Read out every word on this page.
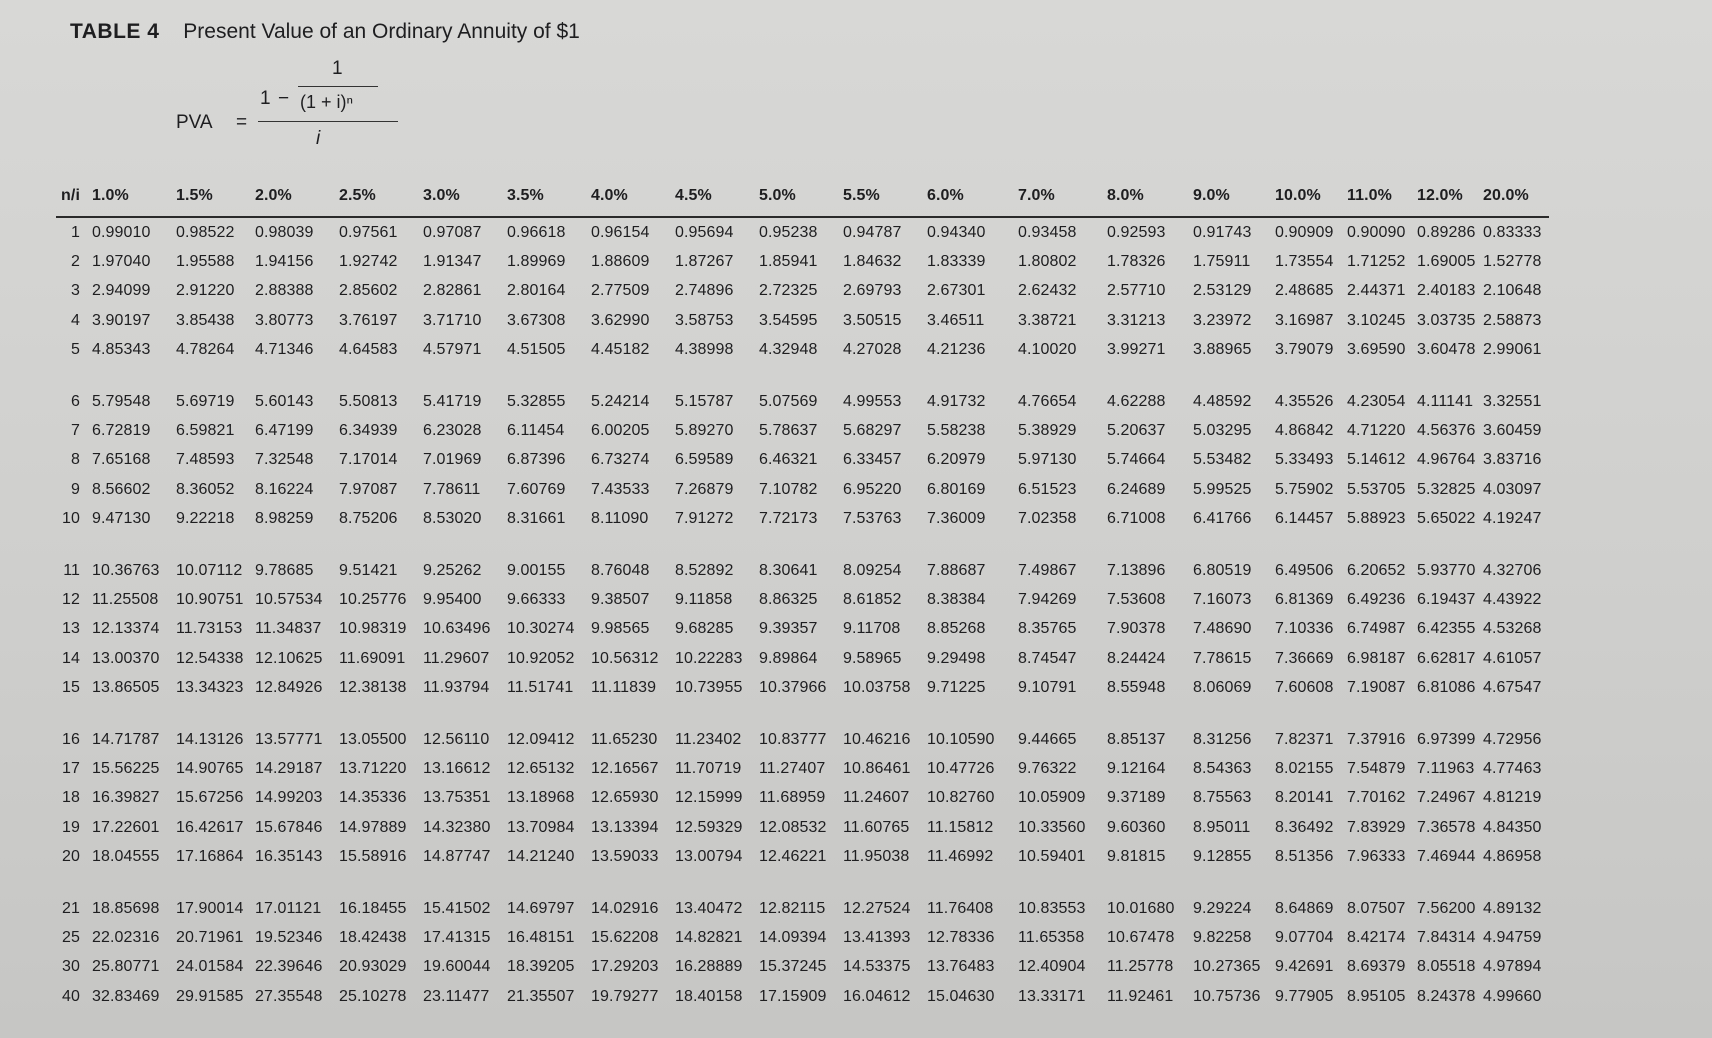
TABLE 4 Present Value of an Ordinary Annuity of $1
PVA =
1 −
1
(1 + i)ⁿ
i
n/i	1.0%	1.5%	2.0%	2.5%	3.0%	3.5%	4.0%	4.5%	5.0%	5.5%	6.0%	7.0%	8.0%	9.0%	10.0%	11.0%	12.0%	20.0%
1	0.99010	0.98522	0.98039	0.97561	0.97087	0.96618	0.96154	0.95694	0.95238	0.94787	0.94340	0.93458	0.92593	0.91743	0.90909	0.90090	0.89286	0.83333
2	1.97040	1.95588	1.94156	1.92742	1.91347	1.89969	1.88609	1.87267	1.85941	1.84632	1.83339	1.80802	1.78326	1.75911	1.73554	1.71252	1.69005	1.52778
3	2.94099	2.91220	2.88388	2.85602	2.82861	2.80164	2.77509	2.74896	2.72325	2.69793	2.67301	2.62432	2.57710	2.53129	2.48685	2.44371	2.40183	2.10648
4	3.90197	3.85438	3.80773	3.76197	3.71710	3.67308	3.62990	3.58753	3.54595	3.50515	3.46511	3.38721	3.31213	3.23972	3.16987	3.10245	3.03735	2.58873
5	4.85343	4.78264	4.71346	4.64583	4.57971	4.51505	4.45182	4.38998	4.32948	4.27028	4.21236	4.10020	3.99271	3.88965	3.79079	3.69590	3.60478	2.99061

6	5.79548	5.69719	5.60143	5.50813	5.41719	5.32855	5.24214	5.15787	5.07569	4.99553	4.91732	4.76654	4.62288	4.48592	4.35526	4.23054	4.11141	3.32551
7	6.72819	6.59821	6.47199	6.34939	6.23028	6.11454	6.00205	5.89270	5.78637	5.68297	5.58238	5.38929	5.20637	5.03295	4.86842	4.71220	4.56376	3.60459
8	7.65168	7.48593	7.32548	7.17014	7.01969	6.87396	6.73274	6.59589	6.46321	6.33457	6.20979	5.97130	5.74664	5.53482	5.33493	5.14612	4.96764	3.83716
9	8.56602	8.36052	8.16224	7.97087	7.78611	7.60769	7.43533	7.26879	7.10782	6.95220	6.80169	6.51523	6.24689	5.99525	5.75902	5.53705	5.32825	4.03097
10	9.47130	9.22218	8.98259	8.75206	8.53020	8.31661	8.11090	7.91272	7.72173	7.53763	7.36009	7.02358	6.71008	6.41766	6.14457	5.88923	5.65022	4.19247

11	10.36763	10.07112	9.78685	9.51421	9.25262	9.00155	8.76048	8.52892	8.30641	8.09254	7.88687	7.49867	7.13896	6.80519	6.49506	6.20652	5.93770	4.32706
12	11.25508	10.90751	10.57534	10.25776	9.95400	9.66333	9.38507	9.11858	8.86325	8.61852	8.38384	7.94269	7.53608	7.16073	6.81369	6.49236	6.19437	4.43922
13	12.13374	11.73153	11.34837	10.98319	10.63496	10.30274	9.98565	9.68285	9.39357	9.11708	8.85268	8.35765	7.90378	7.48690	7.10336	6.74987	6.42355	4.53268
14	13.00370	12.54338	12.10625	11.69091	11.29607	10.92052	10.56312	10.22283	9.89864	9.58965	9.29498	8.74547	8.24424	7.78615	7.36669	6.98187	6.62817	4.61057
15	13.86505	13.34323	12.84926	12.38138	11.93794	11.51741	11.11839	10.73955	10.37966	10.03758	9.71225	9.10791	8.55948	8.06069	7.60608	7.19087	6.81086	4.67547

16	14.71787	14.13126	13.57771	13.05500	12.56110	12.09412	11.65230	11.23402	10.83777	10.46216	10.10590	9.44665	8.85137	8.31256	7.82371	7.37916	6.97399	4.72956
17	15.56225	14.90765	14.29187	13.71220	13.16612	12.65132	12.16567	11.70719	11.27407	10.86461	10.47726	9.76322	9.12164	8.54363	8.02155	7.54879	7.11963	4.77463
18	16.39827	15.67256	14.99203	14.35336	13.75351	13.18968	12.65930	12.15999	11.68959	11.24607	10.82760	10.05909	9.37189	8.75563	8.20141	7.70162	7.24967	4.81219
19	17.22601	16.42617	15.67846	14.97889	14.32380	13.70984	13.13394	12.59329	12.08532	11.60765	11.15812	10.33560	9.60360	8.95011	8.36492	7.83929	7.36578	4.84350
20	18.04555	17.16864	16.35143	15.58916	14.87747	14.21240	13.59033	13.00794	12.46221	11.95038	11.46992	10.59401	9.81815	9.12855	8.51356	7.96333	7.46944	4.86958

21	18.85698	17.90014	17.01121	16.18455	15.41502	14.69797	14.02916	13.40472	12.82115	12.27524	11.76408	10.83553	10.01680	9.29224	8.64869	8.07507	7.56200	4.89132
25	22.02316	20.71961	19.52346	18.42438	17.41315	16.48151	15.62208	14.82821	14.09394	13.41393	12.78336	11.65358	10.67478	9.82258	9.07704	8.42174	7.84314	4.94759
30	25.80771	24.01584	22.39646	20.93029	19.60044	18.39205	17.29203	16.28889	15.37245	14.53375	13.76483	12.40904	11.25778	10.27365	9.42691	8.69379	8.05518	4.97894
40	32.83469	29.91585	27.35548	25.10278	23.11477	21.35507	19.79277	18.40158	17.15909	16.04612	15.04630	13.33171	11.92461	10.75736	9.77905	8.95105	8.24378	4.99660
